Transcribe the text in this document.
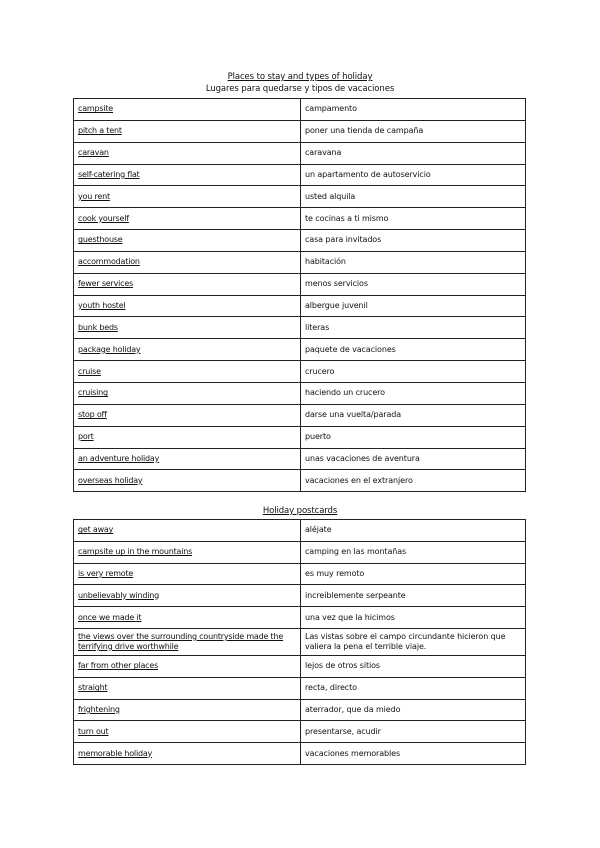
Places to stay and types of holiday
Lugares para quedarse y tipos de vacaciones
campsite	campamento
pitch a tent	poner una tienda de campaña
caravan	caravana
self-catering flat	un apartamento de autoservicio
you rent	usted alquila
cook yourself	te cocinas a ti mismo
guesthouse	casa para invitados
accommodation	habitación
fewer services	menos servicios
youth hostel	albergue juvenil
bunk beds	literas
package holiday	paquete de vacaciones
cruise	crucero
cruising	haciendo un crucero
stop off	darse una vuelta/parada
port	puerto
an adventure holiday	unas vacaciones de aventura
overseas holiday	vacaciones en el extranjero
Holiday postcards
get away	aléjate
campsite up in the mountains	camping en las montañas
is very remote	es muy remoto
unbelievably winding	increíblemente serpeante
once we made it	una vez que la hicimos
the views over the surrounding countryside made the terrifying drive worthwhile	Las vistas sobre el campo circundante hicieron que valiera la pena el terrible viaje.
far from other places	lejos de otros sitios
straight	recta, directo
frightening	aterrador, que da miedo
turn out	presentarse, acudir
memorable holiday	vacaciones memorables
